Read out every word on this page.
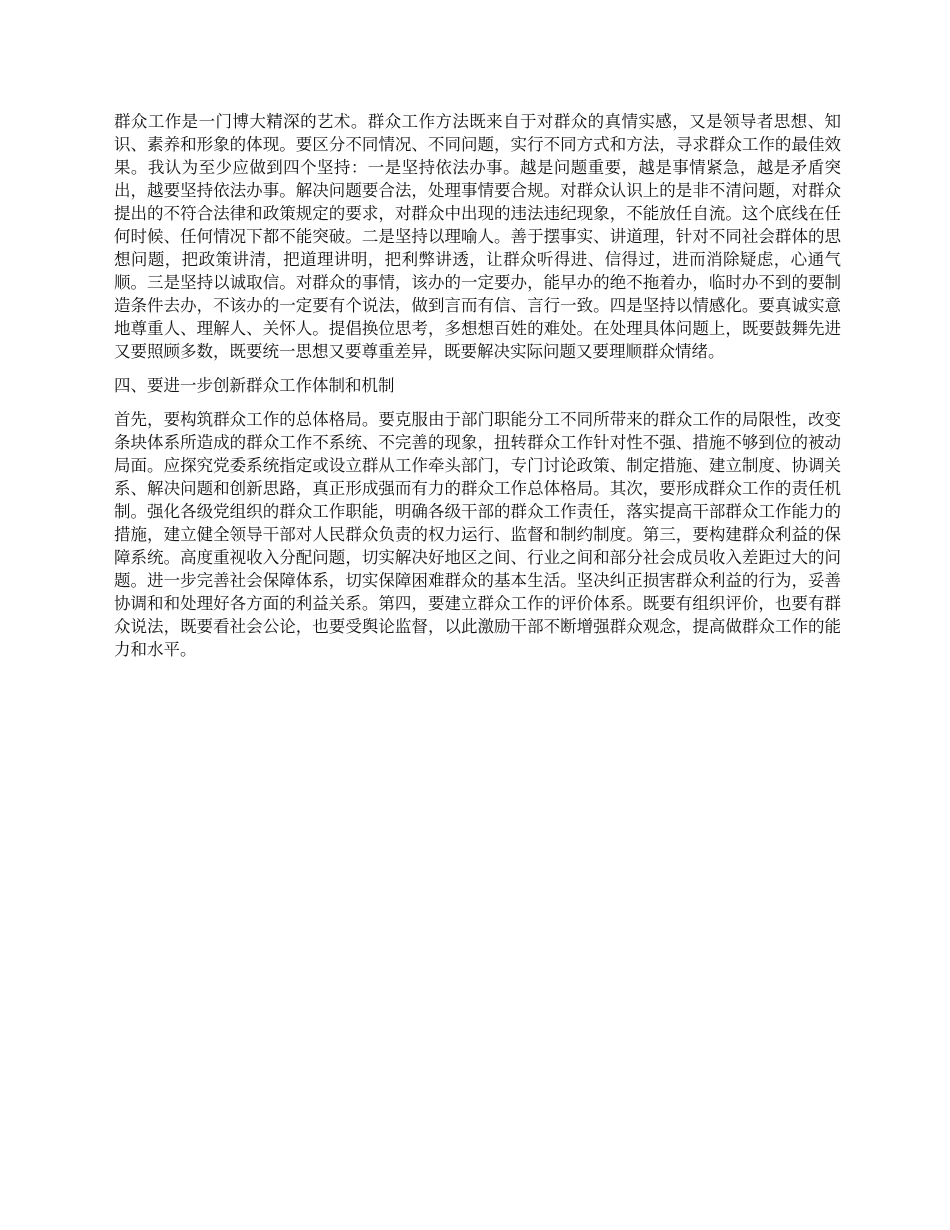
群众工作是一门博大精深的艺术。群众工作方法既来自于对群众的真情实感，又是领导者思想、知识、素养和形象的体现。要区分不同情况、不同问题，实行不同方式和方法，寻求群众工作的最佳效果。我认为至少应做到四个坚持：一是坚持依法办事。越是问题重要，越是事情紧急，越是矛盾突出，越要坚持依法办事。解决问题要合法，处理事情要合规。对群众认识上的是非不清问题，对群众提出的不符合法律和政策规定的要求，对群众中出现的违法违纪现象，不能放任自流。这个底线在任何时候、任何情况下都不能突破。二是坚持以理喻人。善于摆事实、讲道理，针对不同社会群体的思想问题，把政策讲清，把道理讲明，把利弊讲透，让群众听得进、信得过，进而消除疑虑，心通气顺。三是坚持以诚取信。对群众的事情，该办的一定要办，能早办的绝不拖着办，临时办不到的要制造条件去办，不该办的一定要有个说法，做到言而有信、言行一致。四是坚持以情感化。要真诚实意地尊重人、理解人、关怀人。提倡换位思考，多想想百姓的难处。在处理具体问题上，既要鼓舞先进又要照顾多数，既要统一思想又要尊重差异，既要解决实际问题又要理顺群众情绪。

四、要进一步创新群众工作体制和机制

首先，要构筑群众工作的总体格局。要克服由于部门职能分工不同所带来的群众工作的局限性，改变条块体系所造成的群众工作不系统、不完善的现象，扭转群众工作针对性不强、措施不够到位的被动局面。应探究党委系统指定或设立群从工作牵头部门，专门讨论政策、制定措施、建立制度、协调关系、解决问题和创新思路，真正形成强而有力的群众工作总体格局。其次，要形成群众工作的责任机制。强化各级党组织的群众工作职能，明确各级干部的群众工作责任，落实提高干部群众工作能力的措施，建立健全领导干部对人民群众负责的权力运行、监督和制约制度。第三，要构建群众利益的保障系统。高度重视收入分配问题，切实解决好地区之间、行业之间和部分社会成员收入差距过大的问题。进一步完善社会保障体系，切实保障困难群众的基本生活。坚决纠正损害群众利益的行为，妥善协调和和处理好各方面的利益关系。第四，要建立群众工作的评价体系。既要有组织评价，也要有群众说法，既要看社会公论，也要受舆论监督，以此激励干部不断增强群众观念，提高做群众工作的能力和水平。
